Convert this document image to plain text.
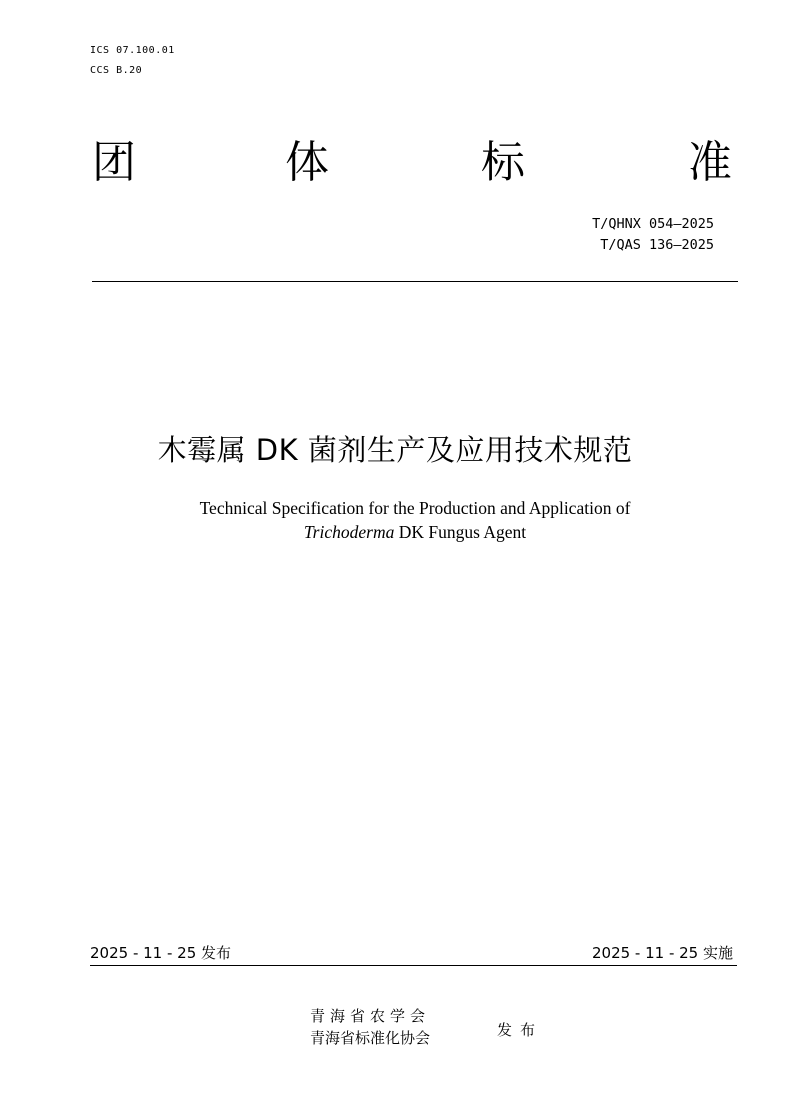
ICS 07.100.01
CCS B.20
团	体	标	准
T/QHNX 054—2025
T/QAS 136—2025
木霉属 DK 菌剂生产及应用技术规范
Technical Specification for the Production and Application of
Trichoderma DK Fungus Agent
2025 - 11 - 25 发布	2025 - 11 - 25 实施
青海省农学会
青海省标准化协会	发布
